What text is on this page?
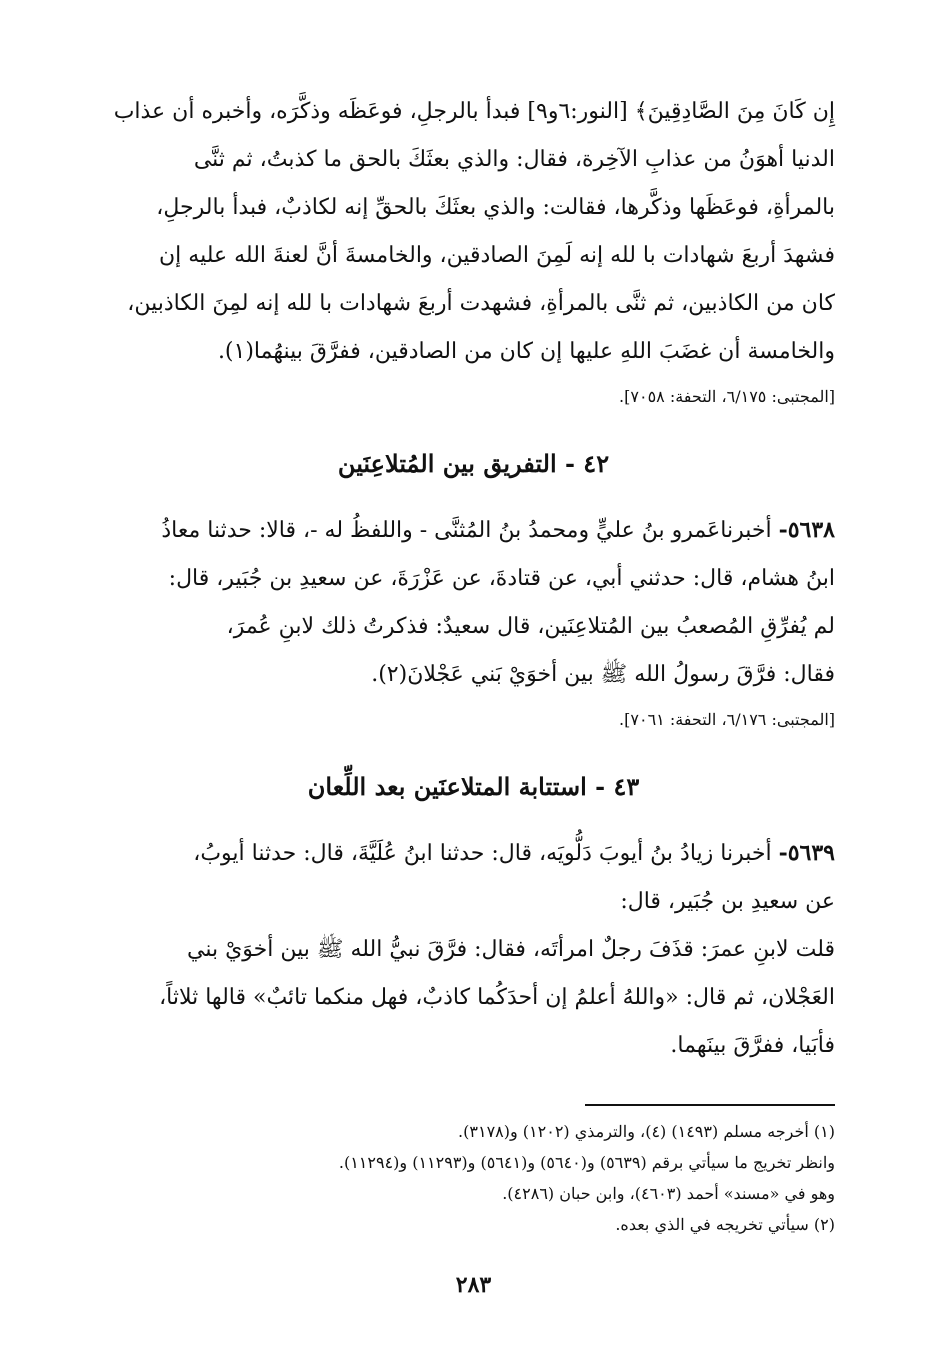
إِن كَانَ مِنَ الصَّادِقِينَ﴾ [النور:٦و٩] فبدأ بالرجلِ، فوعَظَه وذكَّرَه، وأخبره أن عذاب

الدنيا أهوَنُ من عذابِ الآخِرة، فقال: والذي بعثَكَ بالحق ما كذبتُ، ثم ثنَّى

بالمرأةِ، فوعَظَها وذكَّرها، فقالت: والذي بعثَكَ بالحقِّ إنه لكاذبٌ، فبدأ بالرجلِ،

فشهدَ أربعَ شهادات با لله إنه لَمِنَ الصادقين، والخامسةَ أنَّ لعنةَ الله عليه إن

كان من الكاذبين، ثم ثنَّى بالمرأةِ، فشهدت أربعَ شهادات با لله إنه لمِنَ الكاذبين،

والخامسة أن غضَبَ اللهِ عليها إن كان من الصادقين، ففرَّقَ بينهُما(١).

[المجتبى: ٦/١٧٥، التحفة: ٧٠٥٨].

٤٢ - التفريق بين المُتلاعِنَين

٥٦٣٨- أخبرناعَمرو بنُ عليٍّ ومحمدُ بنُ المُثنَّى - واللفظُ له -، قالا: حدثنا معاذُ

ابنُ هشام، قال: حدثني أبي، عن قتادةَ، عن عَزْرَةَ، عن سعيدِ بن جُبَير، قال:

لم يُفرِّقِ المُصعبُ بين المُتلاعِنَين، قال سعيدٌ: فذكرتُ ذلك لابنِ عُمرَ،

فقال: فرَّقَ رسولُ الله ﷺ بين أخوَيْ بَني عَجْلانَ(٢).

[المجتبى: ٦/١٧٦، التحفة: ٧٠٦١].

٤٣ - استتابة المتلاعنَين بعد اللِّعان

٥٦٣٩- أخبرنا زيادُ بنُ أيوبَ دَلُّويَه، قال: حدثنا ابنُ عُلَيَّةَ، قال: حدثنا أيوبُ،

عن سعيدِ بن جُبَير، قال:

قلت لابنِ عمرَ: قذَفَ رجلٌ امرأتَه، فقال: فرَّقَ نبيُّ الله ﷺ بين أخوَيْ بني

العَجْلان، ثم قال: «واللهُ أعلمُ إن أحدَكُما كاذبٌ، فهل منكما تائبٌ» قالها ثلاثاً،

فأبَيا، ففرَّقَ بينَهما.

(١) أخرجه مسلم (١٤٩٣) (٤)، والترمذي (١٢٠٢) و(٣١٧٨).

وانظر تخريج ما سيأتي برقم (٥٦٣٩) و(٥٦٤٠) و(٥٦٤١) و(١١٢٩٣) و(١١٢٩٤).

وهو في «مسند» أحمد (٤٦٠٣)، وابن حبان (٤٢٨٦).

(٢) سيأتي تخريجه في الذي بعده.

٢٨٣
